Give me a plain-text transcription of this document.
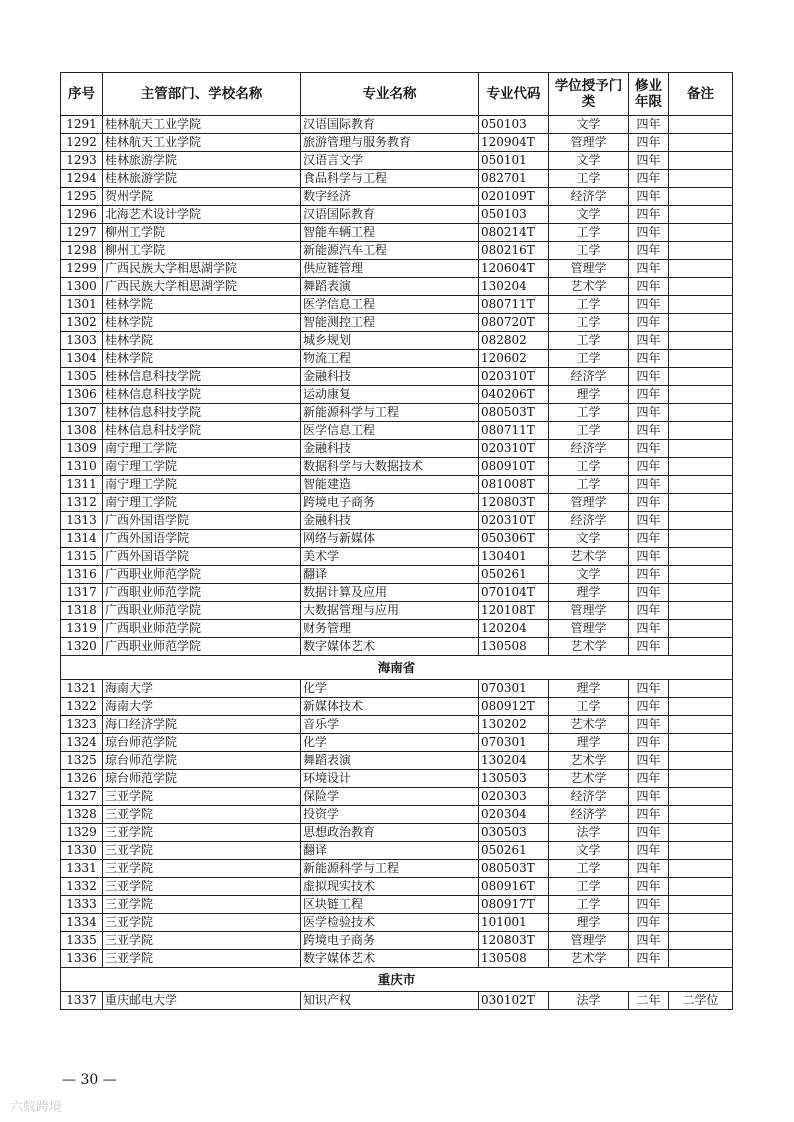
序号	主管部门、学校名称	专业名称	专业代码	学位授予门类	修业年限	备注
1291	桂林航天工业学院	汉语国际教育	050103	文学	四年	
1292	桂林航天工业学院	旅游管理与服务教育	120904T	管理学	四年	
1293	桂林旅游学院	汉语言文学	050101	文学	四年	
1294	桂林旅游学院	食品科学与工程	082701	工学	四年	
1295	贺州学院	数字经济	020109T	经济学	四年	
1296	北海艺术设计学院	汉语国际教育	050103	文学	四年	
1297	柳州工学院	智能车辆工程	080214T	工学	四年	
1298	柳州工学院	新能源汽车工程	080216T	工学	四年	
1299	广西民族大学相思湖学院	供应链管理	120604T	管理学	四年	
1300	广西民族大学相思湖学院	舞蹈表演	130204	艺术学	四年	
1301	桂林学院	医学信息工程	080711T	工学	四年	
1302	桂林学院	智能测控工程	080720T	工学	四年	
1303	桂林学院	城乡规划	082802	工学	四年	
1304	桂林学院	物流工程	120602	工学	四年	
1305	桂林信息科技学院	金融科技	020310T	经济学	四年	
1306	桂林信息科技学院	运动康复	040206T	理学	四年	
1307	桂林信息科技学院	新能源科学与工程	080503T	工学	四年	
1308	桂林信息科技学院	医学信息工程	080711T	工学	四年	
1309	南宁理工学院	金融科技	020310T	经济学	四年	
1310	南宁理工学院	数据科学与大数据技术	080910T	工学	四年	
1311	南宁理工学院	智能建造	081008T	工学	四年	
1312	南宁理工学院	跨境电子商务	120803T	管理学	四年	
1313	广西外国语学院	金融科技	020310T	经济学	四年	
1314	广西外国语学院	网络与新媒体	050306T	文学	四年	
1315	广西外国语学院	美术学	130401	艺术学	四年	
1316	广西职业师范学院	翻译	050261	文学	四年	
1317	广西职业师范学院	数据计算及应用	070104T	理学	四年	
1318	广西职业师范学院	大数据管理与应用	120108T	管理学	四年	
1319	广西职业师范学院	财务管理	120204	管理学	四年	
1320	广西职业师范学院	数字媒体艺术	130508	艺术学	四年	
海南省						
1321	海南大学	化学	070301	理学	四年	
1322	海南大学	新媒体技术	080912T	工学	四年	
1323	海口经济学院	音乐学	130202	艺术学	四年	
1324	琼台师范学院	化学	070301	理学	四年	
1325	琼台师范学院	舞蹈表演	130204	艺术学	四年	
1326	琼台师范学院	环境设计	130503	艺术学	四年	
1327	三亚学院	保险学	020303	经济学	四年	
1328	三亚学院	投资学	020304	经济学	四年	
1329	三亚学院	思想政治教育	030503	法学	四年	
1330	三亚学院	翻译	050261	文学	四年	
1331	三亚学院	新能源科学与工程	080503T	工学	四年	
1332	三亚学院	虚拟现实技术	080916T	工学	四年	
1333	三亚学院	区块链工程	080917T	工学	四年	
1334	三亚学院	医学检验技术	101001	理学	四年	
1335	三亚学院	跨境电子商务	120803T	管理学	四年	
1336	三亚学院	数字媒体艺术	130508	艺术学	四年	
重庆市						
1337	重庆邮电大学	知识产权	030102T	法学	二年	二学位
— 30 —
六蚁跨境
